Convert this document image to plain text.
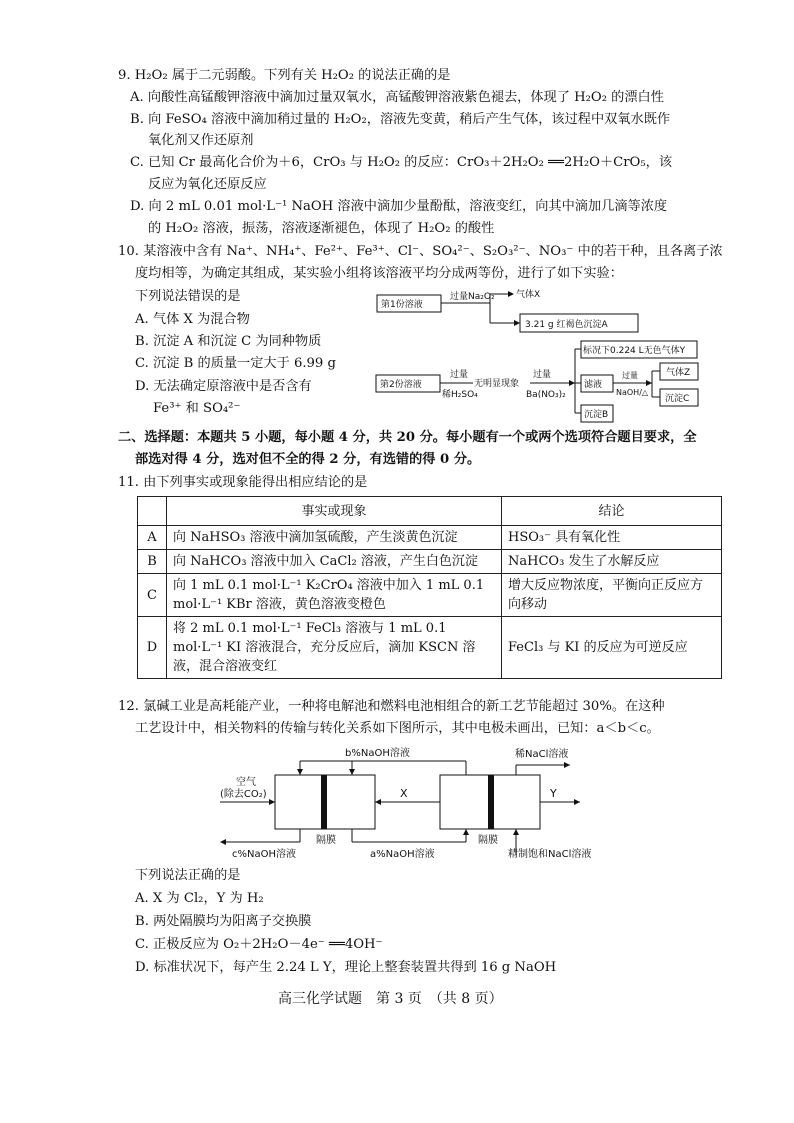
9. H₂O₂ 属于二元弱酸。下列有关 H₂O₂ 的说法正确的是
A. 向酸性高锰酸钾溶液中滴加过量双氧水，高锰酸钾溶液紫色褪去，体现了 H₂O₂ 的漂白性
B. 向 FeSO₄ 溶液中滴加稍过量的 H₂O₂，溶液先变黄，稍后产生气体，该过程中双氧水既作
氧化剂又作还原剂
C. 已知 Cr 最高化合价为＋6，CrO₃ 与 H₂O₂ 的反应：CrO₃＋2H₂O₂ ══2H₂O＋CrO₅，该
反应为氧化还原反应
D. 向 2 mL 0.01 mol·L⁻¹ NaOH 溶液中滴加少量酚酞，溶液变红，向其中滴加几滴等浓度
的 H₂O₂ 溶液，振荡，溶液逐渐褪色，体现了 H₂O₂ 的酸性
10. 某溶液中含有 Na⁺、NH₄⁺、Fe²⁺、Fe³⁺、Cl⁻、SO₄²⁻、S₂O₃²⁻、NO₃⁻ 中的若干种，且各离子浓
度均相等，为确定其组成，某实验小组将该溶液平均分成两等份，进行了如下实验：
下列说法错误的是
A. 气体 X 为混合物
B. 沉淀 A 和沉淀 C 为同种物质
C. 沉淀 B 的质量一定大于 6.99 g
D. 无法确定原溶液中是否含有
Fe³⁺ 和 SO₄²⁻
第1份溶液
过量Na₂O₂ 气体X
3.21 g 红褐色沉淀A
第2份溶液
过量
稀H₂SO₄
无明显现象
过量
Ba(NO₃)₂
标况下0.224 L无色气体Y
滤液
沉淀B
过量
NaOH/△
气体Z
沉淀C
二、选择题：本题共 5 小题，每小题 4 分，共 20 分。每小题有一个或两个选项符合题目要求，全
部选对得 4 分，选对但不全的得 2 分，有选错的得 0 分。
11. 由下列事实或现象能得出相应结论的是
	事实或现象	结论
A	向 NaHSO₃ 溶液中滴加氢硫酸，产生淡黄色沉淀	HSO₃⁻ 具有氧化性
B	向 NaHCO₃ 溶液中加入 CaCl₂ 溶液，产生白色沉淀	NaHCO₃ 发生了水解反应
C	向 1 mL 0.1 mol·L⁻¹ K₂CrO₄ 溶液中加入 1 mL 0.1 mol·L⁻¹ KBr 溶液，黄色溶液变橙色	增大反应物浓度，平衡向正反应方向移动
D	将 2 mL 0.1 mol·L⁻¹ FeCl₃ 溶液与 1 mL 0.1 mol·L⁻¹ KI 溶液混合，充分反应后，滴加 KSCN 溶液，混合溶液变红	FeCl₃ 与 KI 的反应为可逆反应
12. 氯碱工业是高耗能产业，一种将电解池和燃料电池相组合的新工艺节能超过 30%。在这种
工艺设计中，相关物料的传输与转化关系如下图所示，其中电极未画出，已知：a＜b＜c。
空气
(除去CO₂)
b%NaOH溶液	稀NaCl溶液
X	Y
c%NaOH溶液
隔膜
a%NaOH溶液
隔膜
精制饱和NaCl溶液
下列说法正确的是
A. X 为 Cl₂，Y 为 H₂
B. 两处隔膜均为阳离子交换膜
C. 正极反应为 O₂＋2H₂O－4e⁻ ══4OH⁻
D. 标准状况下，每产生 2.24 L Y，理论上整套装置共得到 16 g NaOH
高三化学试题　第 3 页　（共 8 页）
